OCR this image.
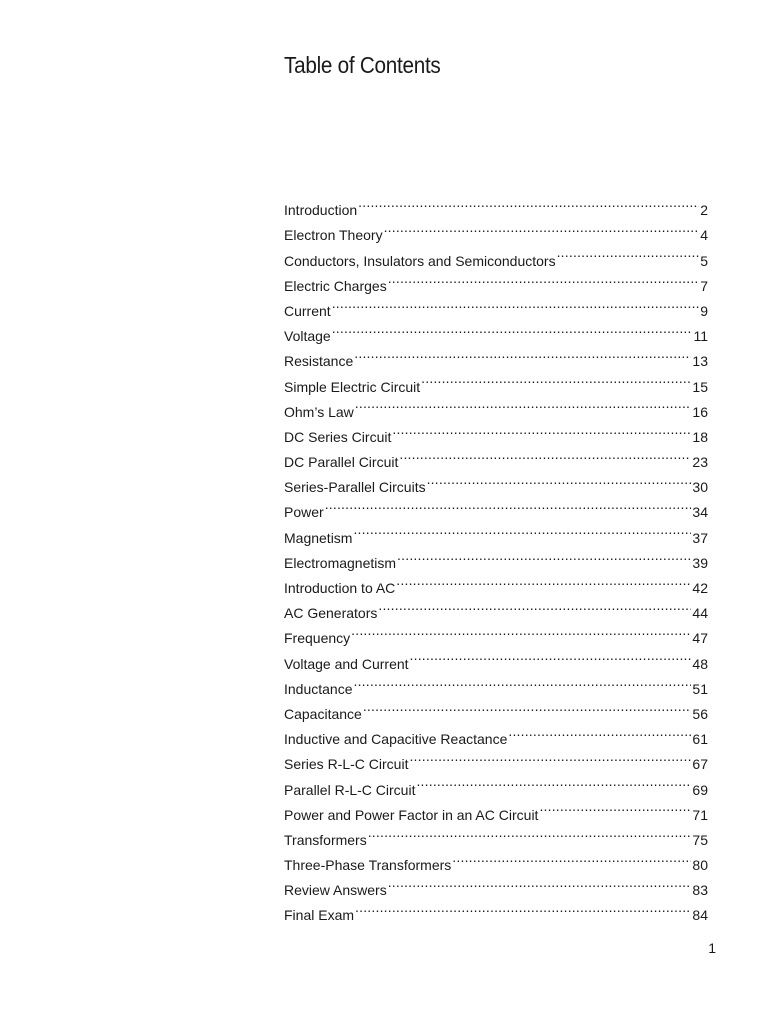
Table of Contents
Introduction .....	2
Electron Theory .....	4
Conductors, Insulators and Semiconductors .....	5
Electric Charges .....	7
Current .....	9
Voltage .....	11
Resistance .....	13
Simple Electric Circuit .....	15
Ohm’s Law .....	16
DC Series Circuit .....	18
DC Parallel Circuit .....	23
Series-Parallel Circuits .....	30
Power .....	34
Magnetism .....	37
Electromagnetism .....	39
Introduction to AC .....	42
AC Generators .....	44
Frequency .....	47
Voltage and Current .....	48
Inductance .....	51
Capacitance .....	56
Inductive and Capacitive Reactance .....	61
Series R-L-C Circuit .....	67
Parallel R-L-C Circuit .....	69
Power and Power Factor in an AC Circuit .....	71
Transformers .....	75
Three-Phase Transformers .....	80
Review Answers .....	83
Final Exam .....	84
1
